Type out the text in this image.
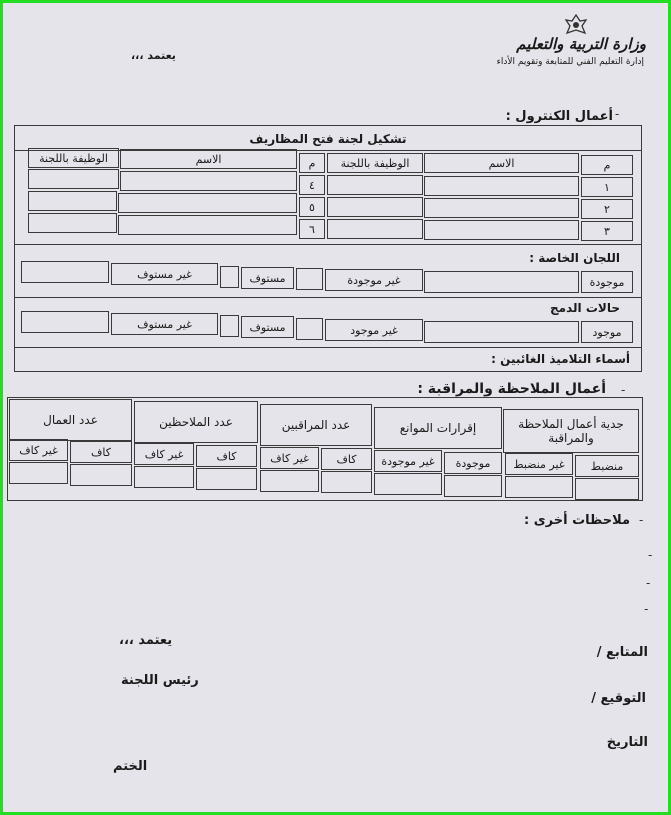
وزارة التربية والتعليم
إدارة التعليم الفني للمتابعة وتقويم الأداء
يعتمد ،،،
أعمال الكنترول : -
تشكيل لجنة فتح المظاريف
م
الاسم
الوظيفة باللجنة
م
الاسم
الوظيفة باللجنة
١
٤
٢
٥
٣
٦
اللجان الخاصة :
موجودة
غير موجودة
مستوف
غير مستوف
حالات الدمج
موجود
غير موجود
مستوف
غير مستوف
أسماء التلاميذ الغائبين :
-
أعمال الملاحظة والمراقبة :
جدية أعمال الملاحظة والمراقبة
إقرارات الموانع
عدد المراقبين
عدد الملاحظين
عدد العمال
منضبط
غير منضبط
موجودة
غير موجودة
كاف
غير كاف
كاف
غير كاف
كاف
غير كاف
-
ملاحظات أخرى :
-
-
-
المتابع /
التوقيع /
التاريخ
يعتمد ،،،
رئيس اللجنة
الختم
